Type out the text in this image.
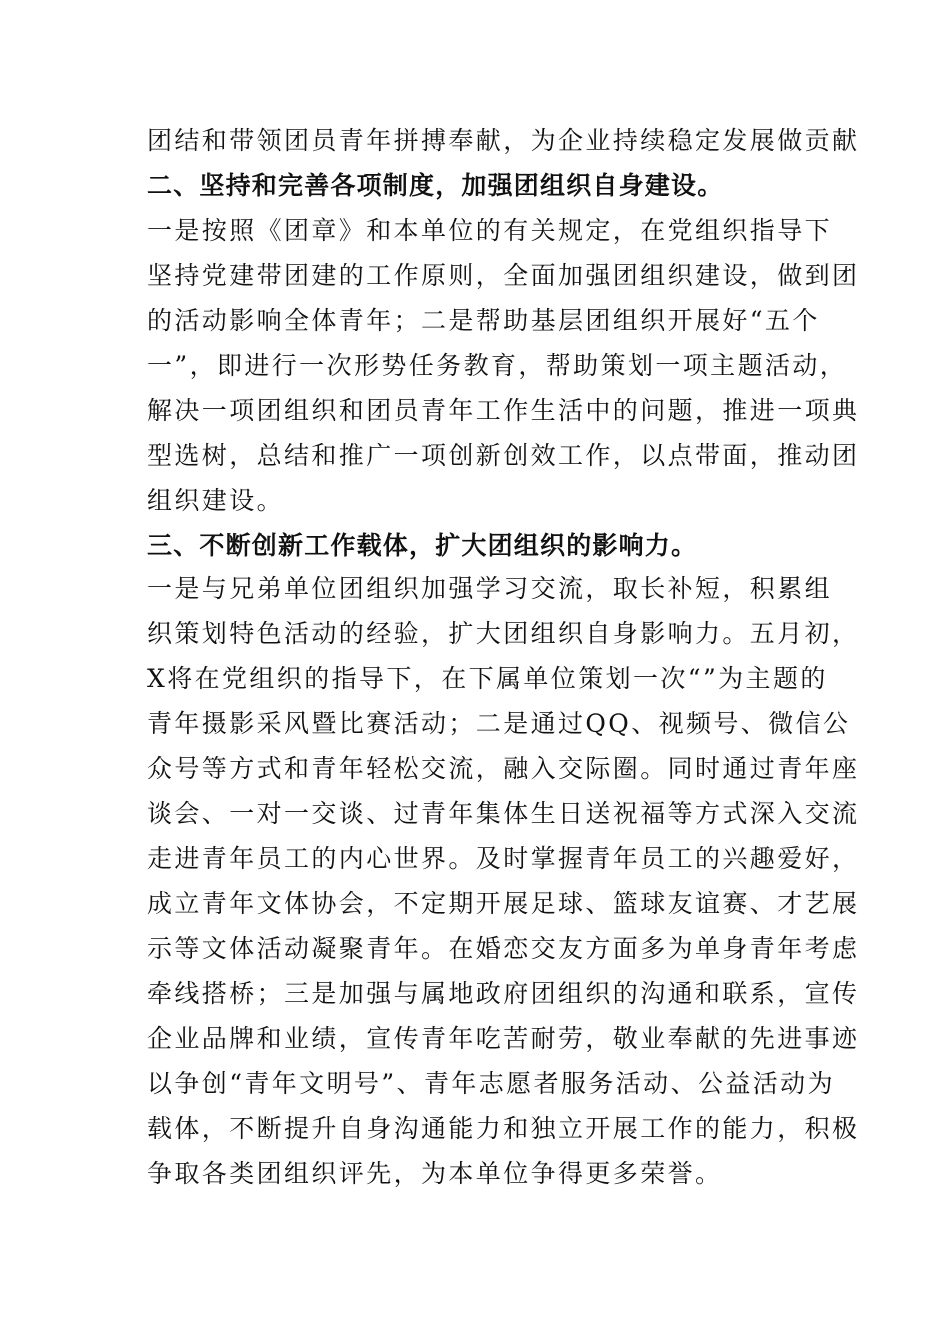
团结和带领团员青年拼搏奉献，为企业持续稳定发展做贡献
二、坚持和完善各项制度，加强团组织自身建设。
一是按照《团章》和本单位的有关规定，在党组织指导下
坚持党建带团建的工作原则，全面加强团组织建设，做到团
的活动影响全体青年；二是帮助基层团组织开展好“五个
一”，即进行一次形势任务教育，帮助策划一项主题活动，
解决一项团组织和团员青年工作生活中的问题，推进一项典
型选树，总结和推广一项创新创效工作，以点带面，推动团
组织建设。
三、不断创新工作载体，扩大团组织的影响力。
一是与兄弟单位团组织加强学习交流，取长补短，积累组
织策划特色活动的经验，扩大团组织自身影响力。五月初，
X将在党组织的指导下，在下属单位策划一次“”为主题的
青年摄影采风暨比赛活动；二是通过QQ、视频号、微信公
众号等方式和青年轻松交流，融入交际圈。同时通过青年座
谈会、一对一交谈、过青年集体生日送祝福等方式深入交流
走进青年员工的内心世界。及时掌握青年员工的兴趣爱好，
成立青年文体协会，不定期开展足球、篮球友谊赛、才艺展
示等文体活动凝聚青年。在婚恋交友方面多为单身青年考虑
牵线搭桥；三是加强与属地政府团组织的沟通和联系，宣传
企业品牌和业绩，宣传青年吃苦耐劳，敬业奉献的先进事迹
以争创“青年文明号”、青年志愿者服务活动、公益活动为
载体，不断提升自身沟通能力和独立开展工作的能力，积极
争取各类团组织评先，为本单位争得更多荣誉。
